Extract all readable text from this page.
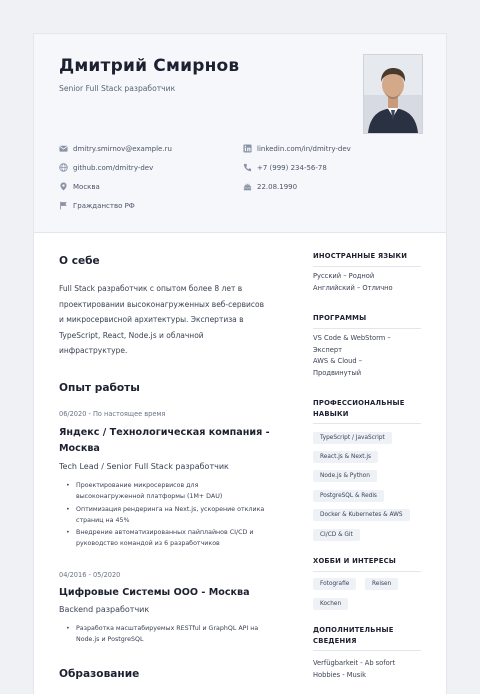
Дмитрий Смирнов
Senior Full Stack разработчик
dmitry.smirnov@example.ru	linkedin.com/in/dmitry-dev
github.com/dmitry-dev	+7 (999) 234-56-78
Москва	22.08.1990
Гражданство РФ
О себе
Full Stack разработчик с опытом более 8 лет в
проектировании высоконагруженных веб-сервисов
и микросервисной архитектуры. Экспертиза в
TypeScript, React, Node.js и облачной
инфраструктуре.
Опыт работы
06/2020 - По настоящее время
Яндекс / Технологическая компания -
Москва
Tech Lead / Senior Full Stack разработчик
• Проектирование микросервисов для
высоконагруженной платформы (1M+ DAU)
• Оптимизация рендеринга на Next.js, ускорение отклика
страниц на 45%
• Внедрение автоматизированных пайплайнов CI/CD и
руководство командой из 6 разработчиков
04/2016 - 05/2020
Цифровые Системы ООО - Москва
Backend разработчик
• Разработка масштабируемых RESTful и GraphQL API на
Node.js и PostgreSQL
Образование
ИНОСТРАННЫЕ ЯЗЫКИ
Русский – Родной
Английский – Отлично
ПРОГРАММЫ
VS Code & WebStorm –
Эксперт
AWS & Cloud –
Продвинутый
ПРОФЕССИОНАЛЬНЫЕ
НАВЫКИ
TypeScript / JavaScript
React.js & Next.js
Node.js & Python
PostgreSQL & Redis
Docker & Kubernetes & AWS
CI/CD & Git
ХОББИ И ИНТЕРЕСЫ
Fotografie	Reisen
Kochen
ДОПОЛНИТЕЛЬНЫЕ
СВЕДЕНИЯ
Verfügbarkeit - Ab sofort
Hobbies - Musik
